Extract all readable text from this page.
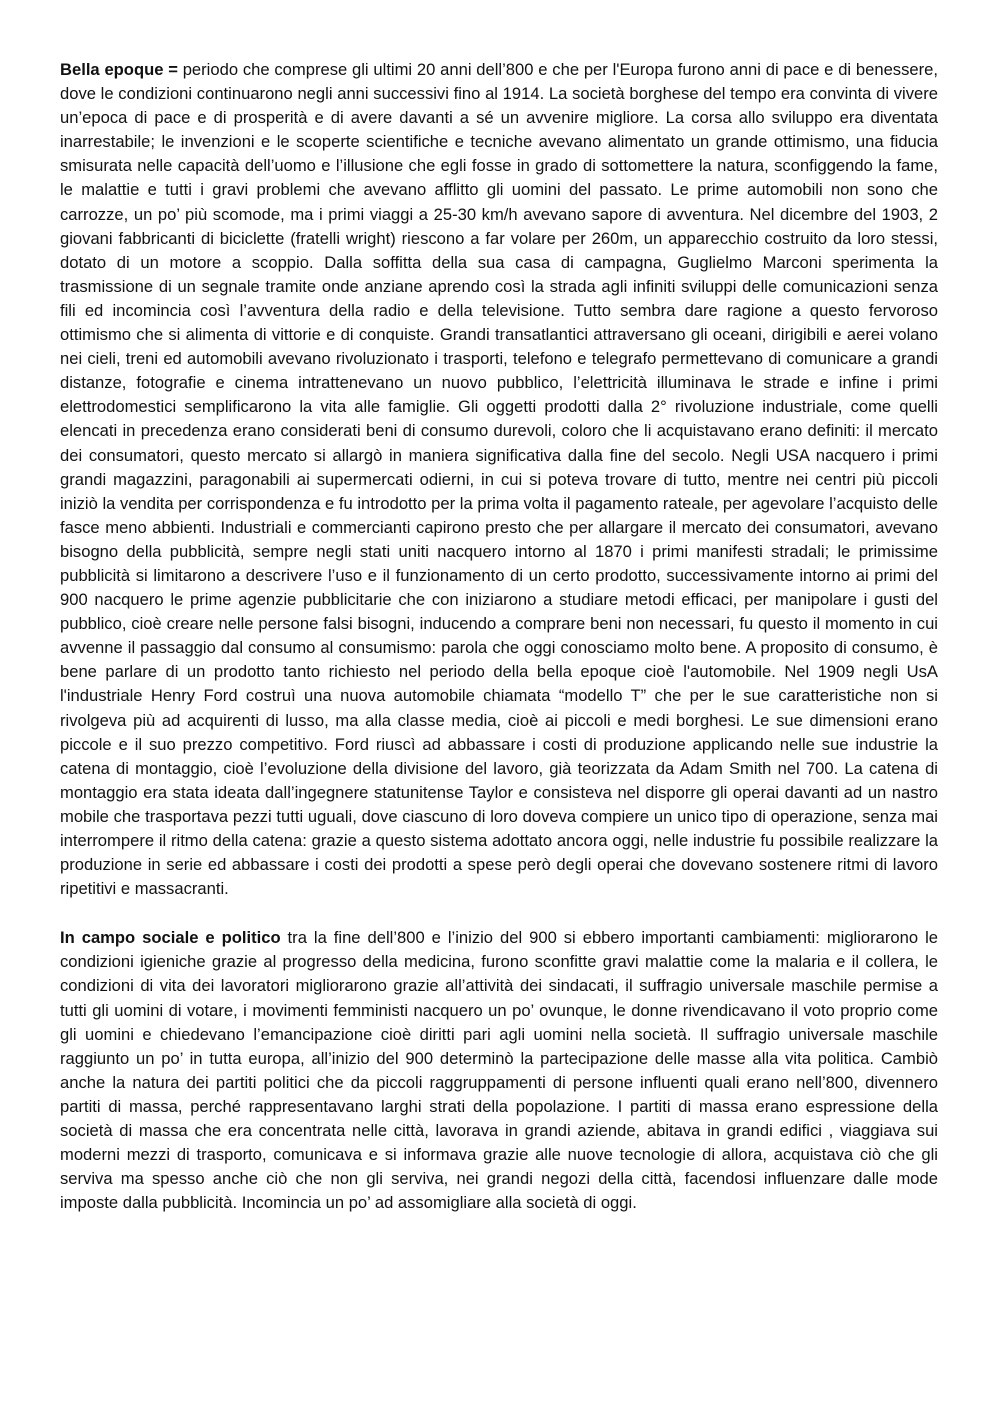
Bella epoque = periodo che comprese gli ultimi 20 anni dell’800 e che per l'Europa furono anni di pace e di benessere, dove le condizioni continuarono negli anni successivi fino al 1914. La società borghese del tempo era convinta di vivere un’epoca di pace e di prosperità e di avere davanti a sé un avvenire migliore. La corsa allo sviluppo era diventata inarrestabile; le invenzioni e le scoperte scientifiche e tecniche avevano alimentato un grande ottimismo, una fiducia smisurata nelle capacità dell’uomo e l’illusione che egli fosse in grado di sottomettere la natura, sconfiggendo la fame, le malattie e tutti i gravi problemi che avevano afflitto gli uomini del passato. Le prime automobili non sono che carrozze, un po’ più scomode, ma i primi viaggi a 25-30 km/h avevano sapore di avventura. Nel dicembre del 1903, 2 giovani fabbricanti di biciclette (fratelli wright) riescono a far volare per 260m, un apparecchio costruito da loro stessi, dotato di un motore a scoppio. Dalla soffitta della sua casa di campagna, Guglielmo Marconi sperimenta la trasmissione di un segnale tramite onde anziane aprendo così la strada agli infiniti sviluppi delle comunicazioni senza fili ed incomincia così l’avventura della radio e della televisione. Tutto sembra dare ragione a questo fervoroso ottimismo che si alimenta di vittorie e di conquiste. Grandi transatlantici attraversano gli oceani, dirigibili e aerei volano nei cieli, treni ed automobili avevano rivoluzionato i trasporti, telefono e telegrafo permettevano di comunicare a grandi distanze, fotografie e cinema intrattenevano un nuovo pubblico, l’elettricità illuminava le strade e infine i primi elettrodomestici semplificarono la vita alle famiglie. Gli oggetti prodotti dalla 2° rivoluzione industriale, come quelli elencati in precedenza erano considerati beni di consumo durevoli, coloro che li acquistavano erano definiti: il mercato dei consumatori, questo mercato si allargò in maniera significativa dalla fine del secolo. Negli USA nacquero i primi grandi magazzini, paragonabili ai supermercati odierni, in cui si poteva trovare di tutto, mentre nei centri più piccoli iniziò la vendita per corrispondenza e fu introdotto per la prima volta il pagamento rateale, per agevolare l’acquisto delle fasce meno abbienti. Industriali e commercianti capirono presto che per allargare il mercato dei consumatori, avevano bisogno della pubblicità, sempre negli stati uniti nacquero intorno al 1870 i primi manifesti stradali; le primissime pubblicità si limitarono a descrivere l’uso e il funzionamento di un certo prodotto, successivamente intorno ai primi del 900 nacquero le prime agenzie pubblicitarie che con iniziarono a studiare metodi efficaci, per manipolare i gusti del pubblico, cioè creare nelle persone falsi bisogni, inducendo a comprare beni non necessari, fu questo il momento in cui avvenne il passaggio dal consumo al consumismo: parola che oggi conosciamo molto bene. A proposito di consumo, è bene parlare di un prodotto tanto richiesto nel periodo della bella epoque cioè l'automobile. Nel 1909 negli UsA l'industriale Henry Ford costruì una nuova automobile chiamata “modello T” che per le sue caratteristiche non si rivolgeva più ad acquirenti di lusso, ma alla classe media, cioè ai piccoli e medi borghesi. Le sue dimensioni erano piccole e il suo prezzo competitivo. Ford riuscì ad abbassare i costi di produzione applicando nelle sue industrie la catena di montaggio, cioè l’evoluzione della divisione del lavoro, già teorizzata da Adam Smith nel 700. La catena di montaggio era stata ideata dall’ingegnere statunitense Taylor e consisteva nel disporre gli operai davanti ad un nastro mobile che trasportava pezzi tutti uguali, dove ciascuno di loro doveva compiere un unico tipo di operazione, senza mai interrompere il ritmo della catena: grazie a questo sistema adottato ancora oggi, nelle industrie fu possibile realizzare la produzione in serie ed abbassare i costi dei prodotti a spese però degli operai che dovevano sostenere ritmi di lavoro ripetitivi e massacranti.

In campo sociale e politico tra la fine dell’800 e l’inizio del 900 si ebbero importanti cambiamenti: migliorarono le condizioni igieniche grazie al progresso della medicina, furono sconfitte gravi malattie come la malaria e il collera, le condizioni di vita dei lavoratori migliorarono grazie all’attività dei sindacati, il suffragio universale maschile permise a tutti gli uomini di votare, i movimenti femministi nacquero un po’ ovunque, le donne rivendicavano il voto proprio come gli uomini e chiedevano l’emancipazione cioè diritti pari agli uomini nella società. Il suffragio universale maschile raggiunto un po’ in tutta europa, all’inizio del 900 determinò la partecipazione delle masse alla vita politica. Cambiò anche la natura dei partiti politici che da piccoli raggruppamenti di persone influenti quali erano nell’800, divennero partiti di massa, perché rappresentavano larghi strati della popolazione. I partiti di massa erano espressione della società di massa che era concentrata nelle città, lavorava in grandi aziende, abitava in grandi edifici , viaggiava sui moderni mezzi di trasporto, comunicava e si informava grazie alle nuove tecnologie di allora, acquistava ciò che gli serviva ma spesso anche ciò che non gli serviva, nei grandi negozi della città, facendosi influenzare dalle mode imposte dalla pubblicità. Incomincia un po’ ad assomigliare alla società di oggi.
